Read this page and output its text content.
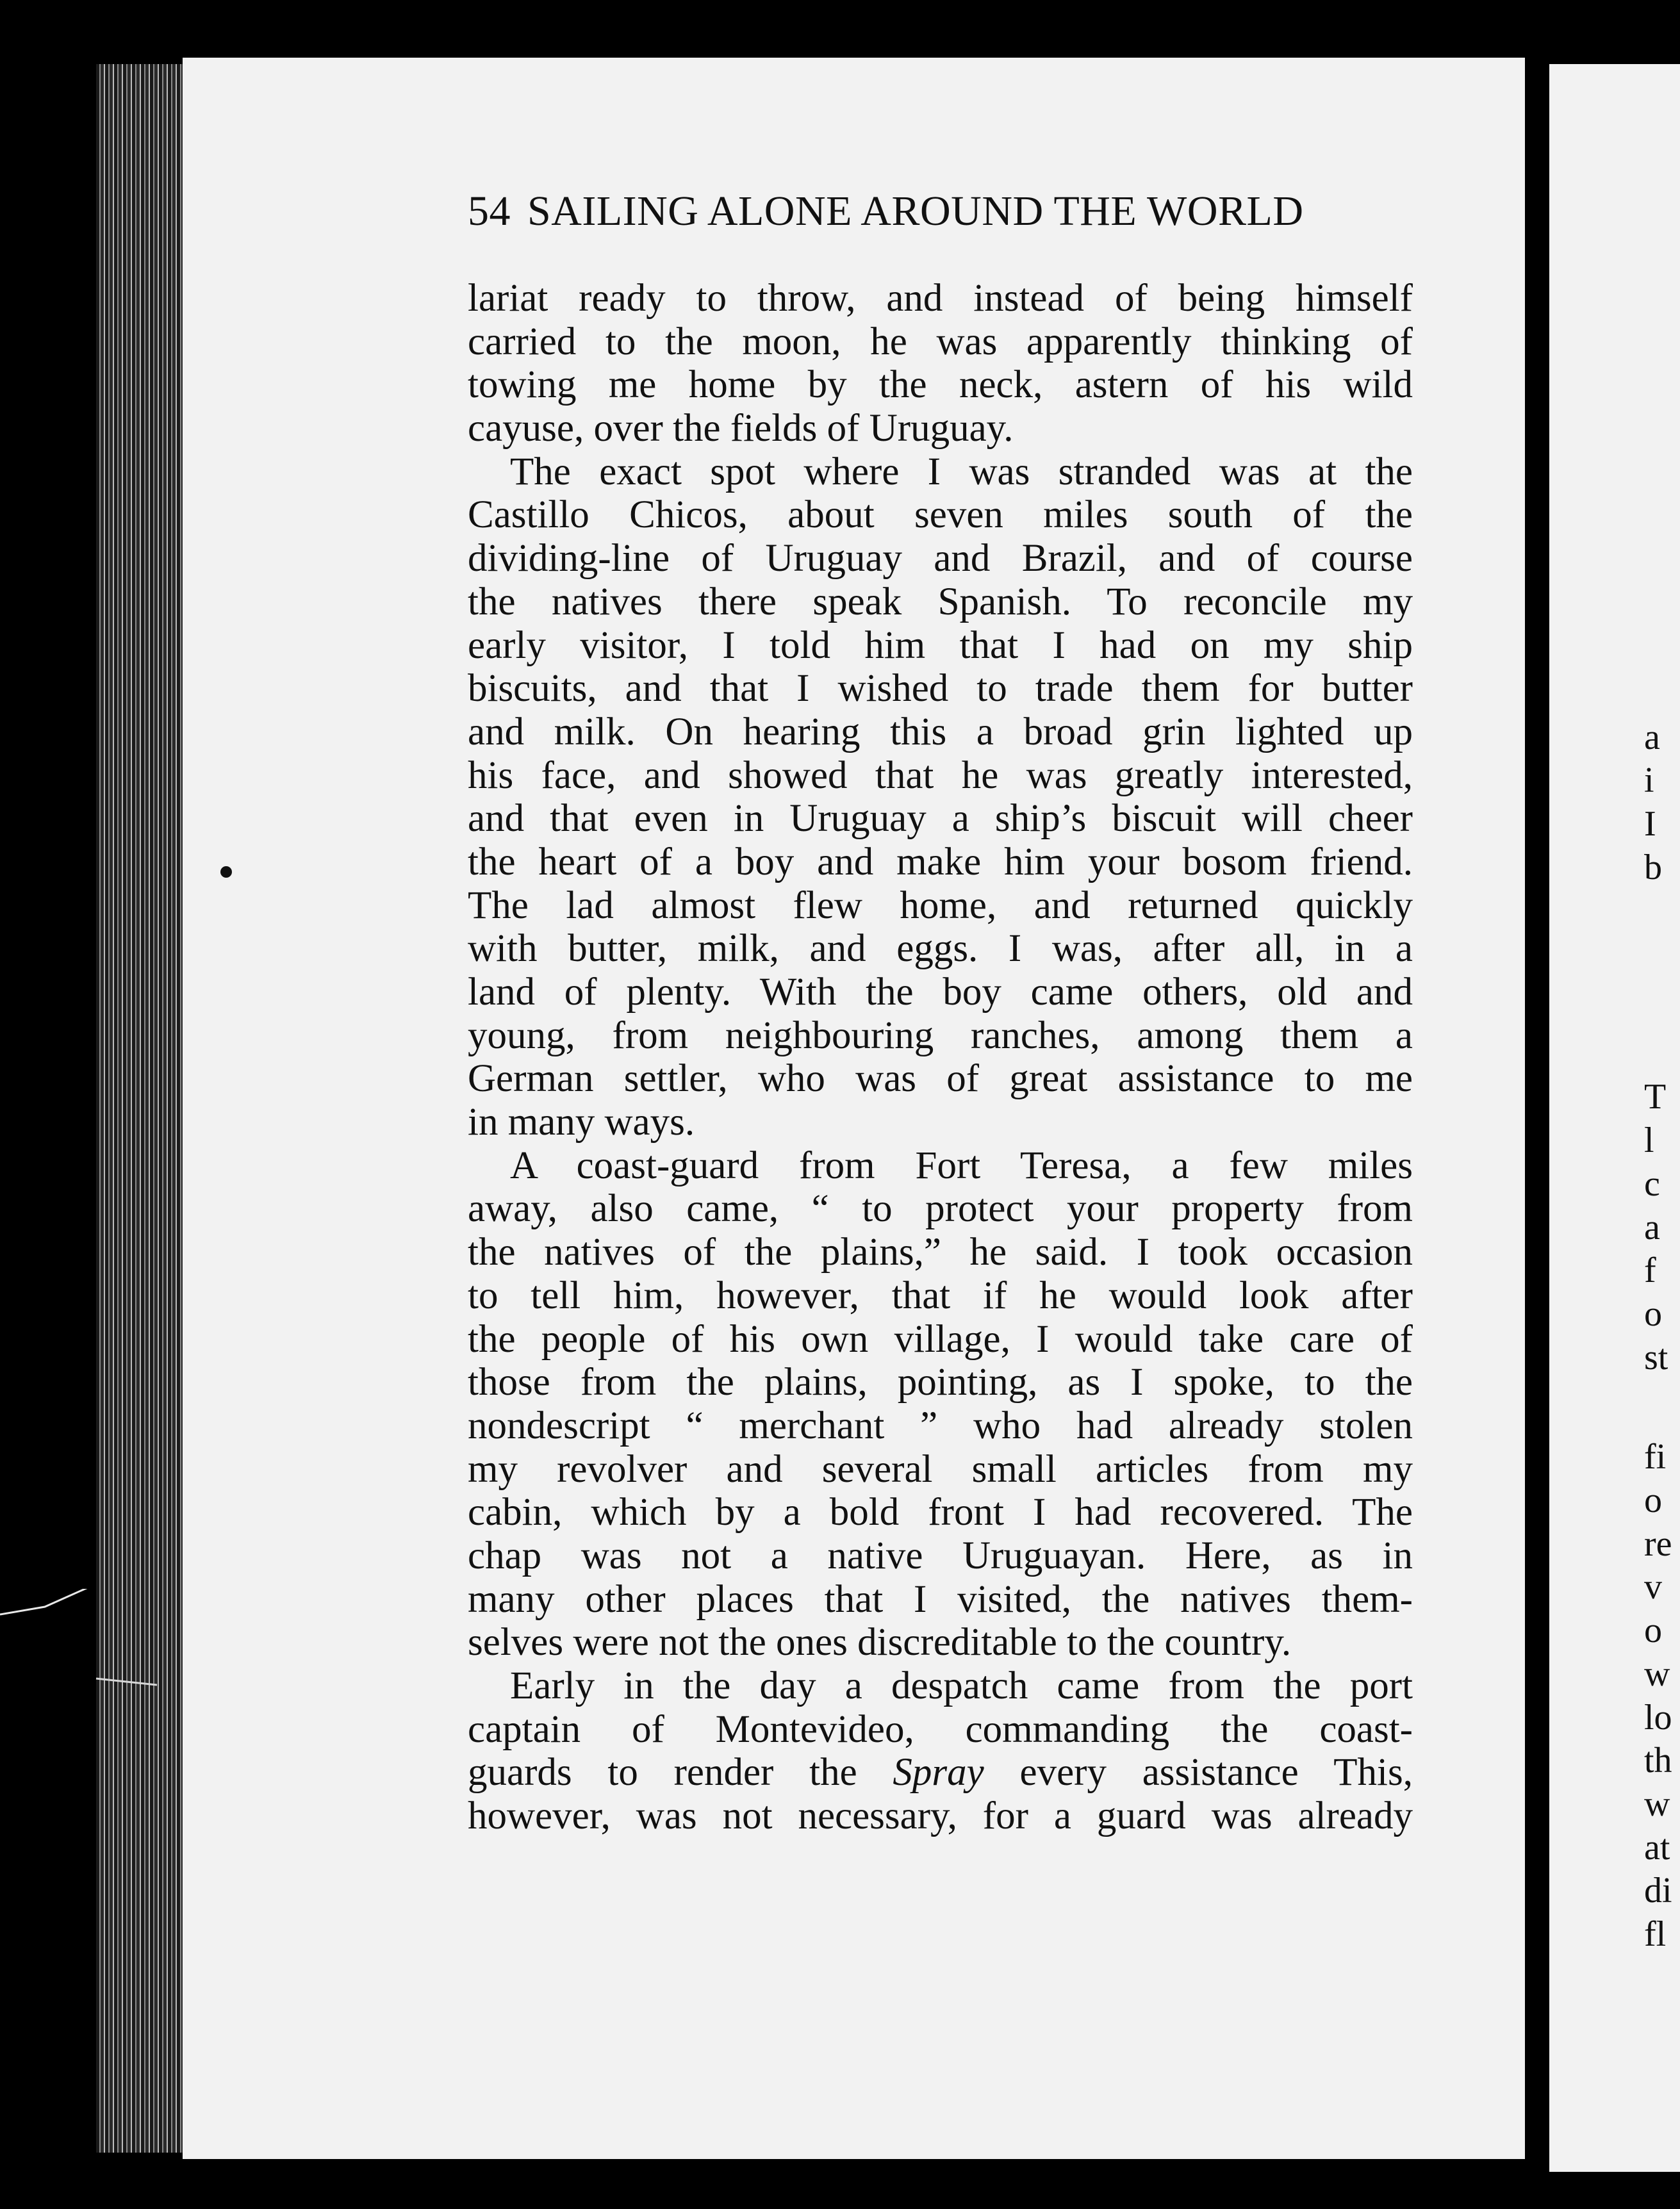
T
l
c
a
f
o
st
fi
o
re
v
o
w
lo
th
w
at
di
fl
a
i
I
b
54 SAILING ALONE AROUND THE WORLD
lariat ready to throw, and instead of being himself
carried to the moon, he was apparently thinking of
towing me home by the neck, astern of his wild
cayuse, over the fields of Uruguay.
The exact spot where I was stranded was at the
Castillo Chicos, about seven miles south of the
dividing-line of Uruguay and Brazil, and of course
the natives there speak Spanish. To reconcile my
early visitor, I told him that I had on my ship
biscuits, and that I wished to trade them for butter
and milk. On hearing this a broad grin lighted up
his face, and showed that he was greatly interested,
and that even in Uruguay a ship’s biscuit will cheer
the heart of a boy and make him your bosom friend.
The lad almost flew home, and returned quickly
with butter, milk, and eggs. I was, after all, in a
land of plenty. With the boy came others, old and
young, from neighbouring ranches, among them a
German settler, who was of great assistance to me
in many ways.
A coast-guard from Fort Teresa, a few miles
away, also came, “ to protect your property from
the natives of the plains,” he said. I took occasion
to tell him, however, that if he would look after
the people of his own village, I would take care of
those from the plains, pointing, as I spoke, to the
nondescript “ merchant ” who had already stolen
my revolver and several small articles from my
cabin, which by a bold front I had recovered. The
chap was not a native Uruguayan. Here, as in
many other places that I visited, the natives them-
selves were not the ones discreditable to the country.
Early in the day a despatch came from the port
captain of Montevideo, commanding the coast-
guards to render the Spray every assistance This,
however, was not necessary, for a guard was already
